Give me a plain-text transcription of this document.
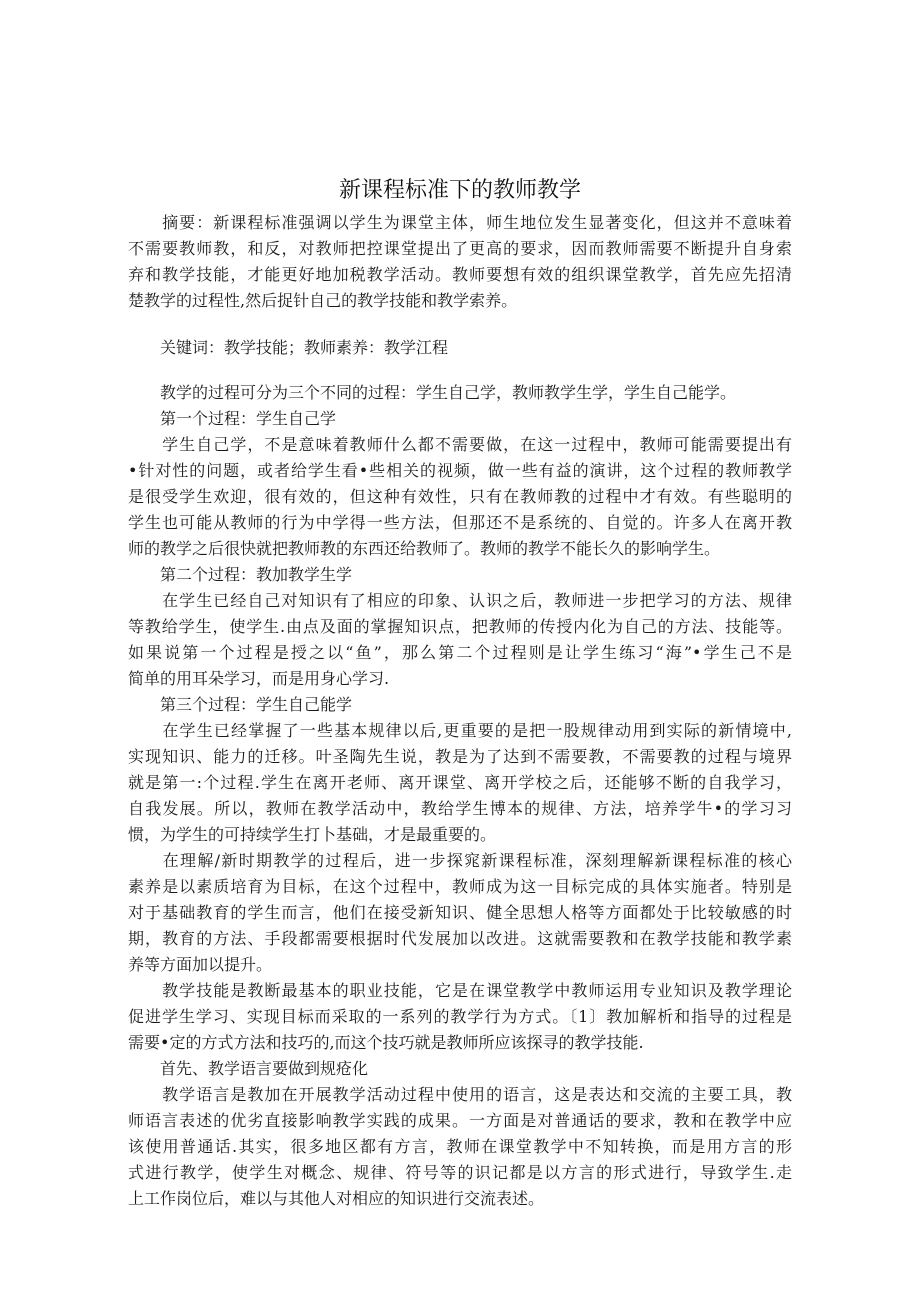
新课程标准下的教师教学
　　摘要：新课程标准强调以学生为课堂主体，师生地位发生显著变化，但这并不意味着
不需要教师教，和反，对教师把控课堂提出了更高的要求，因而教师需要不断提升自身索
弃和教学技能，才能更好地加税教学活动。教师要想有效的组织课堂教学，首先应先招清
楚教学的过程性,然后捉针自己的教学技能和教学索养。
　　关键词：教学技能；教师素养：教学江程
　　教学的过程可分为三个不同的过程：学生自己学，教师教学生学，学生自己能学。
　　第一个过程：学生自己学
　　学生自己学，不是意味着教师什么都不需要做，在这一过程中，教师可能需要提出有
•针对性的问题，或者给学生看•些相关的视频，做一些有益的演讲，这个过程的教师教学
是很受学生欢迎，很有效的，但这种有效性，只有在教师教的过程中才有效。有些聪明的
学生也可能从教师的行为中学得一些方法，但那还不是系统的、自觉的。许多人在离开教
师的教学之后很快就把教师教的东西还给教师了。教师的教学不能长久的影响学生。
　　第二个过程：教加教学生学
　　在学生已经自己对知识有了相应的印象、认识之后，教师进一步把学习的方法、规律
等教给学生，使学生.由点及面的掌握知识点，把教师的传授内化为自己的方法、技能等。
如果说第一个过程是授之以“鱼”，那么第二个过程则是让学生练习“海”•学生己不是
简单的用耳朵学习，而是用身心学习.
　　第三个过程：学生自己能学
　　在学生已经掌握了一些基本规律以后,更重要的是把一股规律动用到实际的新情境中,
实现知识、能力的迁移。叶圣陶先生说，教是为了达到不需要教，不需要教的过程与境界
就是第一:个过程.学生在离开老师、离开课堂、离开学校之后，还能够不断的自我学习，
自我发展。所以，教师在教学活动中，教给学生博本的规律、方法，培养学牛•的学习习
惯，为学生的可持续学生打卜基础，才是最重要的。
　　在理解/新时期教学的过程后，进一步探窕新课程标准，深刻理解新课程标准的核心
素养是以素质培育为目标，在这个过程中，教师成为这一目标完成的具体实施者。特别是
对于基础教育的学生而言，他们在接受新知识、健全思想人格等方面都处于比较敏感的时
期，教育的方法、手段都需要根据时代发展加以改进。这就需要教和在教学技能和教学素
养等方面加以提升。
　　教学技能是教断最基本的职业技能，它是在课堂教学中教师运用专业知识及教学理论
促进学生学习、实现目标而采取的一系列的教学行为方式。〔1〕教加解析和指导的过程是
需要•定的方式方法和技巧的,而这个技巧就是教师所应该探寻的教学技能.
　　首先、教学语言要做到规疮化
　　教学语言是教加在开展教学活动过程中使用的语言，这是表达和交流的主要工具，教
师语言表述的优劣直接影响教学实践的成果。一方面是对普通话的要求，教和在教学中应
该使用普通话.其实，很多地区都有方言，教师在课堂教学中不知转换，而是用方言的形
式进行教学，使学生对概念、规律、符号等的识记都是以方言的形式进行，导致学生.走
上工作岗位后，难以与其他人对相应的知识进行交流表述。
